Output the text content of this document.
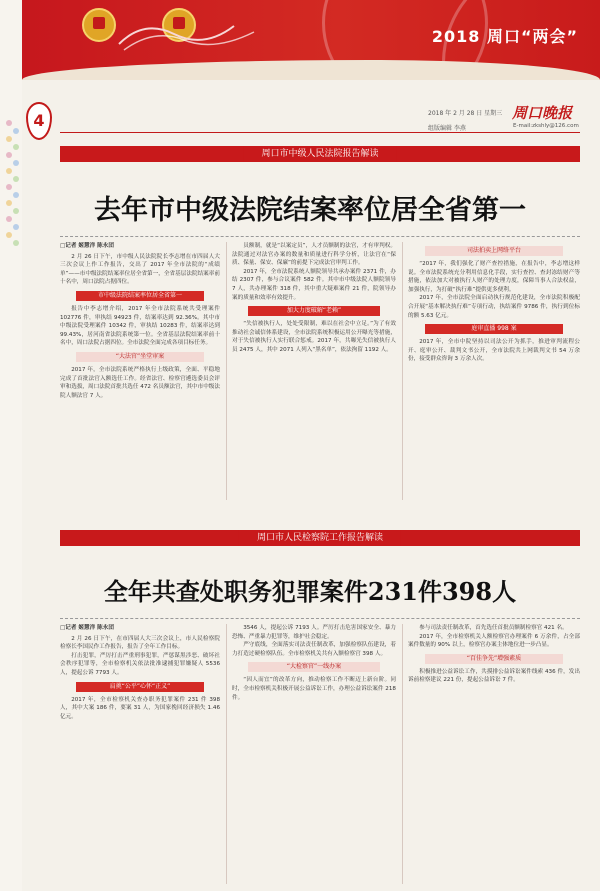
2018 周口“两会”
4	2018 年 2 月 28 日 星期三 周口晚报
组版编辑 李燕	E-mail:zkshly@126.com
周口市中级人民法院报告解读
去年市中级法院结案率位居全省第一

□记者 姬慧洋 陈永団

2 月 26 日下午，市中级人民法院院长李志增在市四届人大三次会议上作工作报告，交出了 2017 年全市法院的“成绩单”——市中级法院结案率位居全省第一，全省基层法院结案率前十名中，周口法院占据四位。

市中级法院结案率位居全省第一

报告中李志增介绍，2017 年全市法院系统共受理案件 102776 件，审执结 94923 件，结案率达到 92.36%。其中市中级法院受理案件 10342 件，审执结 10283 件，结案率达到 99.43%，居河南省法院系统第一位。全省基层法院结案率前十名中，周口法院占据四位。全市法院全面完成各项目标任务。

“大法官”坐堂审案

2017 年，全市法院系统严格执行上级政策，全面、平稳地完成了首批法官入额选任工作。经省法官、检察官遴选委员会评审和选拔，周口法院首批共选任 472 名员额法官，其中市中级法院人额法官 7 人。

员额制，就是“以案定员”，人才员额制的法官，才有审判权。法院通过对法官办案的数量和质量进行科学分析，让法官在“保质、保量、保安、保廉”的前提下完成法官审判工作。

2017 年，全市法院系统人额院领导共承办案件 2371 件，办结 2307 件，参与合议案件 582 件。其中市中级法院人额院领导 7 人，共办理案件 318 件，其中重大疑难案件 21 件，院领导办案的质量和效率有效提升。

加大力度破解“老赖”

“失信被执行人，处处受限制，难以在社会中立足。”为了有效推动社会诚信体系建设，全市法院系统积极运用公开曝光等措施，对于失信被执行人实行联合惩戒。2017 年，共曝光失信被执行人员 2475 人，其中 2071 人列入“黑名单”，依法拘留 1192 人。

司法拍卖上网络平台

“2017 年，我们强化了财产查控措施，在报告中，李志增这样说。全市法院系统充分利用信息化手段，实行查控、查封冻结财产等措施，依法加大对被执行人财产的处理力度，保障当事人合法权益，加强执行，为打破“执行难”提供更多便利。

2017 年，全市法院全面启动执行规范化建设，全市法院积极配合开展“基本解决执行难”专项行动，执结案件 9786 件，执行到位标的额 5.63 亿元。

庭审直播 998 案

2017 年，全市中院坚持以司法公开为抓手，推进审判流程公开、庭审公开、裁判文书公开，全市法院共上网裁判文书 54 万余份，接受群众咨询 3 万余人次。

周口市人民检察院工作报告解读
全年共查处职务犯罪案件231件398人

□记者 姬慧洋 陈永団

2 月 26 日下午，在市四届人大三次会议上，市人民检察院检察长李国民作工作报告，报告了全年工作目标。

打击犯罪，严厉打击严重刑事犯罪，严惩谋黑涉恶、破坏社会秩序犯罪等，全市检察机关依法批准逮捕犯罪嫌疑人 5536 人，提起公诉 7793 人。

肩挑“公平”心怀“正义”

2017 年，全市检察机关查办职务犯罪案件 231 件 398 人，其中大案 186 件，要案 31 人，为国家挽回经济损失 1.46 亿元。

3546 人，提起公诉 7193 人。严厉打击危害国家安全、暴力恐怖、严重暴力犯罪等，维护社会稳定。

严守底线，全面落实司法责任制改革，加强检察队伍建设，着力打造过硬检察队伍。全市检察机关共有入额检察官 398 人。

“大检察官”一线办案

“因人而宜”的改革方向，推动检察工作不断迈上新台阶。同时，全市检察机关积极开展公益诉讼工作，办理公益诉讼案件 218 件。

参与司法责任制改革，首先选任首批员额制检察官 421 名。

2017 年，全市检察机关人额检察官办理案件 6 万余件，占全部案件数量的 90% 以上，检察官办案主体地位进一步凸显。

“百佳争先”增强素质

积极推进公益诉讼工作，共摸排公益诉讼案件线索 436 件，发出诉前检察建议 221 份，提起公益诉讼 7 件。
